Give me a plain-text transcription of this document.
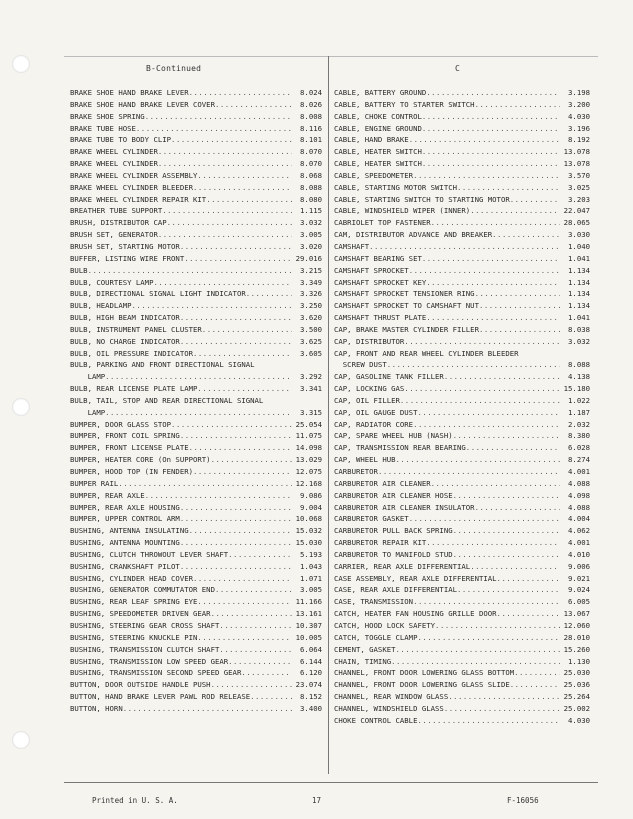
B-Continued	C
BRAKE SHOE HAND BRAKE LEVER .....	8.024
BRAKE SHOE HAND BRAKE LEVER COVER .....	8.026
BRAKE SHOE SPRING .....	8.008
BRAKE TUBE HOSE .....	8.116
BRAKE TUBE TO BODY CLIP .....	8.101
BRAKE WHEEL CYLINDER .....	8.070
BRAKE WHEEL CYLINDER .....	8.070
BRAKE WHEEL CYLINDER ASSEMBLY .....	8.068
BRAKE WHEEL CYLINDER BLEEDER .....	8.088
BRAKE WHEEL CYLINDER REPAIR KIT .....	8.080
BREATHER TUBE SUPPORT .....	1.115
BRUSH, DISTRIBUTOR CAP .....	3.032
BRUSH SET, GENERATOR .....	3.005
BRUSH SET, STARTING MOTOR .....	3.020
BUFFER, LISTING WIRE FRONT .....	29.016
BULB .....	3.215
BULB, COURTESY LAMP .....	3.349
BULB, DIRECTIONAL SIGNAL LIGHT INDICATOR .....	3.326
BULB, HEADLAMP .....	3.250
BULB, HIGH BEAM INDICATOR .....	3.620
BULB, INSTRUMENT PANEL CLUSTER .....	3.500
BULB, NO CHARGE INDICATOR .....	3.625
BULB, OIL PRESSURE INDICATOR .....	3.605
BULB, PARKING AND FRONT DIRECTIONAL SIGNAL
LAMP .....	3.292
BULB, REAR LICENSE PLATE LAMP .....	3.341
BULB, TAIL, STOP AND REAR DIRECTIONAL SIGNAL
LAMP .....	3.315
BUMPER, DOOR GLASS STOP .....	25.054
BUMPER, FRONT COIL SPRING .....	11.075
BUMPER, FRONT LICENSE PLATE .....	14.098
BUMPER, HEATER CORE (On SUPPORT) .....	13.029
BUMPER, HOOD TOP (IN FENDER) .....	12.075
BUMPER RAIL .....	12.168
BUMPER, REAR AXLE .....	9.086
BUMPER, REAR AXLE HOUSING .....	9.004
BUMPER, UPPER CONTROL ARM .....	10.068
BUSHING, ANTENNA INSULATING .....	15.032
BUSHING, ANTENNA MOUNTING .....	15.030
BUSHING, CLUTCH THROWOUT LEVER SHAFT .....	5.193
BUSHING, CRANKSHAFT PILOT .....	1.043
BUSHING, CYLINDER HEAD COVER .....	1.071
BUSHING, GENERATOR COMMUTATOR END .....	3.005
BUSHING, REAR LEAF SPRING EYE .....	11.166
BUSHING, SPEEDOMETER DRIVEN GEAR .....	13.161
BUSHING, STEERING GEAR CROSS SHAFT .....	10.307
BUSHING, STEERING KNUCKLE PIN .....	10.005
BUSHING, TRANSMISSION CLUTCH SHAFT .....	6.064
BUSHING, TRANSMISSION LOW SPEED GEAR .....	6.144
BUSHING, TRANSMISSION SECOND SPEED GEAR .....	6.120
BUTTON, DOOR OUTSIDE HANDLE PUSH .....	23.074
BUTTON, HAND BRAKE LEVER PAWL ROD RELEASE .....	8.152
BUTTON, HORN .....	3.400
CABLE, BATTERY GROUND .....	3.198
CABLE, BATTERY TO STARTER SWITCH .....	3.200
CABLE, CHOKE CONTROL .....	4.030
CABLE, ENGINE GROUND .....	3.196
CABLE, HAND BRAKE .....	8.192
CABLE, HEATER SWITCH .....	13.078
CABLE, HEATER SWITCH .....	13.078
CABLE, SPEEDOMETER .....	3.570
CABLE, STARTING MOTOR SWITCH .....	3.025
CABLE, STARTING SWITCH TO STARTING MOTOR .....	3.203
CABLE, WINDSHIELD WIPER (INNER) .....	22.047
CABRIOLET TOP FASTENER .....	28.065
CAM, DISTRIBUTOR ADVANCE AND BREAKER .....	3.030
CAMSHAFT .....	1.040
CAMSHAFT BEARING SET .....	1.041
CAMSHAFT SPROCKET .....	1.134
CAMSHAFT SPROCKET KEY .....	1.134
CAMSHAFT SPROCKET TENSIONER RING .....	1.134
CAMSHAFT SPROCKET TO CAMSHAFT NUT .....	1.134
CAMSHAFT THRUST PLATE .....	1.041
CAP, BRAKE MASTER CYLINDER FILLER .....	8.038
CAP, DISTRIBUTOR .....	3.032
CAP, FRONT AND REAR WHEEL CYLINDER BLEEDER
SCREW DUST .....	8.088
CAP, GASOLINE TANK FILLER .....	4.138
CAP, LOCKING GAS .....	15.180
CAP, OIL FILLER .....	1.022
CAP, OIL GAUGE DUST .....	1.187
CAP, RADIATOR CORE .....	2.032
CAP, SPARE WHEEL HUB (NASH) .....	8.380
CAP, TRANSMISSION REAR BEARING .....	6.028
CAP, WHEEL HUB .....	8.274
CARBURETOR .....	4.001
CARBURETOR AIR CLEANER .....	4.088
CARBURETOR AIR CLEANER HOSE .....	4.098
CARBURETOR AIR CLEANER INSULATOR .....	4.088
CARBURETOR GASKET .....	4.004
CARBURETOR PULL BACK SPRING .....	4.062
CARBURETOR REPAIR KIT .....	4.001
CARBURETOR TO MANIFOLD STUD .....	4.010
CARRIER, REAR AXLE DIFFERENTIAL .....	9.006
CASE ASSEMBLY, REAR AXLE DIFFERENTIAL .....	9.021
CASE, REAR AXLE DIFFERENTIAL .....	9.024
CASE, TRANSMISSION .....	6.005
CATCH, HEATER FAN HOUSING GRILLE DOOR .....	13.067
CATCH, HOOD LOCK SAFETY .....	12.060
CATCH, TOGGLE CLAMP .....	28.010
CEMENT, GASKET .....	15.260
CHAIN, TIMING .....	1.130
CHANNEL, FRONT DOOR LOWERING GLASS BOTTOM .....	25.030
CHANNEL, FRONT DOOR LOWERING GLASS SLIDE .....	25.036
CHANNEL, REAR WINDOW GLASS .....	25.264
CHANNEL, WINDSHIELD GLASS .....	25.002
CHOKE CONTROL CABLE .....	4.030
Printed in U. S. A.	17	F-16056
